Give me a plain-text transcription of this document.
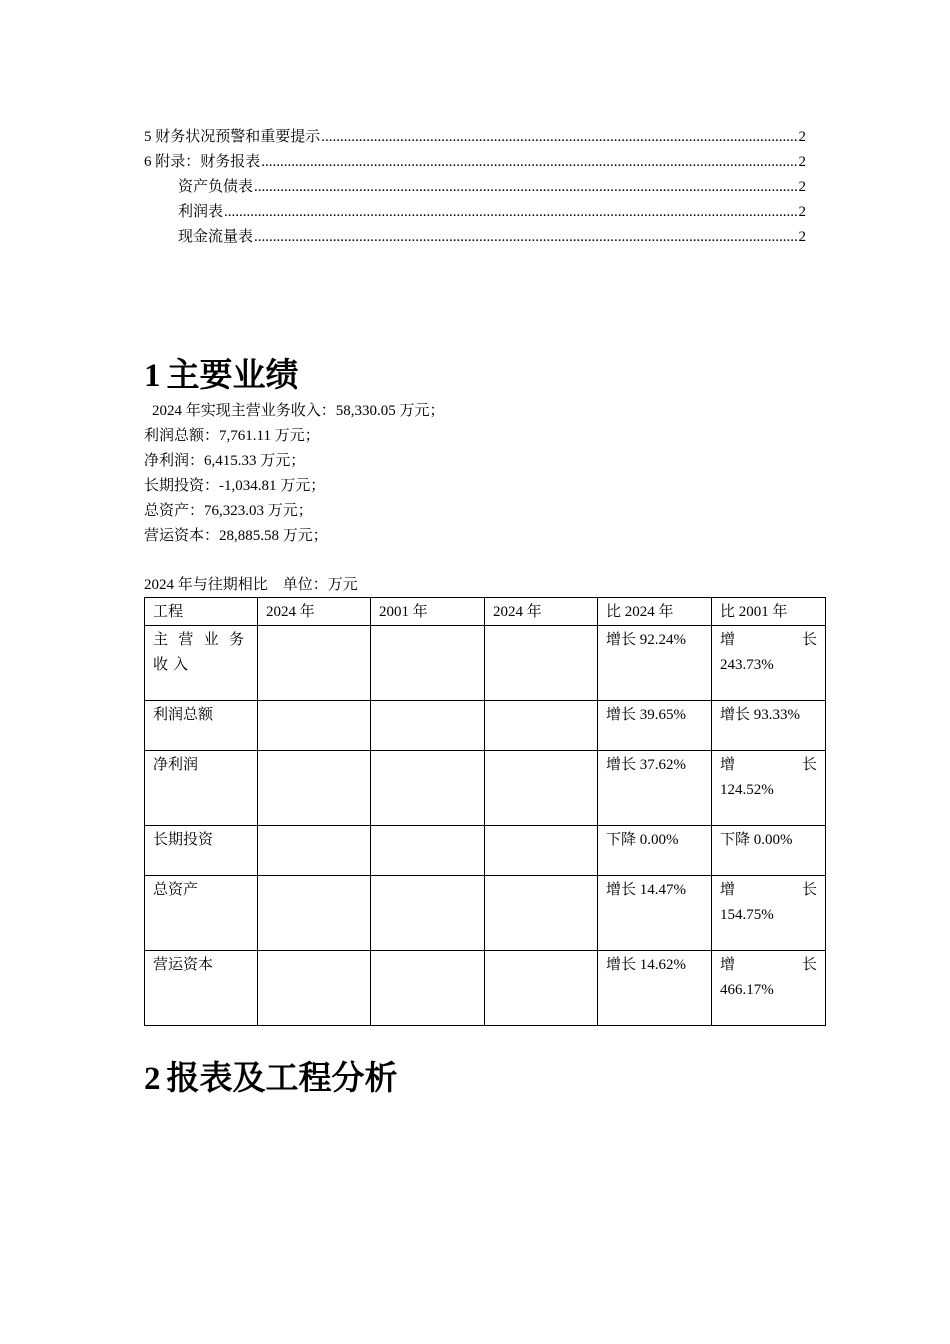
5 财务状况预警和重要提示 .....	2
6 附录：财务报表 .....	2
资产负债表 .....	2
利润表 .....	2
现金流量表 .....	2
1 主要业绩
2024 年实现主营业务收入：58,330.05 万元；
利润总额：7,761.11 万元；
净利润：6,415.33 万元；
长期投资：-1,034.81 万元；
总资产：76,323.03 万元；
营运资本：28,885.58 万元；
2024 年与往期相比    单位：万元
工程	2024 年	2001 年	2024 年	比 2024 年	比 2001 年

主营业务收入				增长 92.24%	增长
243.73%
利润总额				增长 39.65%	增长 93.33%
净利润				增长 37.62%	增长
124.52%
长期投资				下降 0.00%	下降 0.00%
总资产				增长 14.47%	增长
154.75%
营运资本				增长 14.62%	增长
466.17%
2 报表及工程分析
